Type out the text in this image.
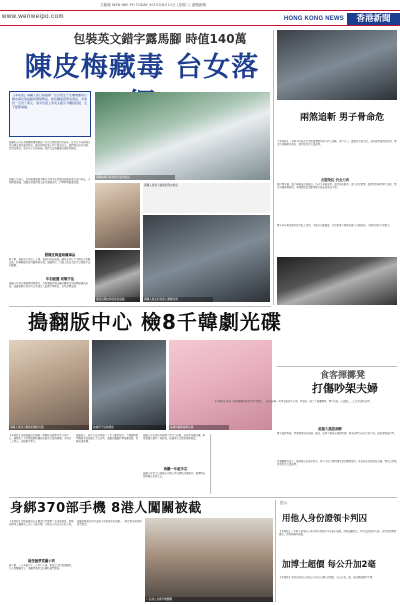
文匯報 WEN WEI PO TODAY 2015年8月11日 (星期二) 港聞新聞
www.wenweipo.com	HONG KONG NEWS	香港新聞
包裝英文錯字露馬腳 時值140萬
陳皮梅藏毒 台女落
【本報訊】海關人員日前截獲一名台灣女子於機場攜帶以陳皮梅包裝盛載的懸疑物品，經化驗後發現為毒品，市值約一百四十萬元。案中包裝上的英文錯字令關員起疑，女子隨即被捕。
海關檢獲以陳皮梅包裝的毒品
海關於前日在香港國際機場截查一名由台灣抵港的女旅客，在其行李內發現多盒以陳皮梅包裝的物品，關員發現包裝上印有錯誤英文，遂將物品送往化驗，證實為毒品。該名女子已被拘捕，案件交由海關毒品調查科跟進。
海關人員表示，近年販毒集團不斷以不同手法將毒品偽裝成食品或日用品，企圖矇混過關。海關會加強情報交流及風險評估，打擊跨境販毒活動。
假陳皮梅盒暗藏毒品
據了解，被捕女子年約三十歲，來港目的為旅遊。關員在其行李中搜出多盒陳皮梅，經檢驗後證實內藏懷疑冰毒。海關指出，包裝上的英文錯字是識破手法的關鍵。
年初破獲 同類手法
海關今年初亦曾破獲同類案件，當時毒販將毒品藏於糖果盒內經機場運送來港。海關提醒市民切勿受利誘替人攜帶不明物品，以免誤墮法網。
毒品以陳皮梅包裝盒盛載	海關人員在記者會上講解案情
海關人員展示檢獲的陳皮梅盒
兩煞追斬 男子骨命危
【本報訊】一名男子昨晚在屯門街頭遭兩名男子持刀追斬，身中多刀，頭部及手部受傷，送院搶救後情況危殆。警方正追緝兩名兇徒，案件列作傷人案處理。
衣服染紅 仍全力奔
據目擊者稱，事主被斬後衣服染紅，仍全力奔跑求救，最終倒在路旁。途人見狀報警，救護員到場將事主送院。警方封鎖現場搜證，並翻看附近閉路電視片段追查兇徒下落。
警方初步相信事件涉及私人恩怨，正循多方面調查。消息指事主與兇徒曾有金錢糾紛，不排除因此引發衝突。
搗翻版中心 檢8千韓劇光碟
海關人員展示搗破的翻版光碟	被捕男子協助調查	檢獲的翻版韓劇光碟
【本報訊】香港海關近日搗破一個翻版光碟製作及分銷中心，檢獲約八千張懷疑翻版韓劇光碟及多部刻錄機，市值約二十萬元，拘捕兩名男子。
海關表示，該中心位於葵涌一工業大廈單位內，主要翻印熱門韓劇並透過網上平台出售。海關會繼續打擊侵權活動，保障知識產權。
海關人員在單位內檢獲大量空白光碟、封套及刻錄設備，相信集團已運作一段時間。被捕兩人已獲准保釋候查。
海關一年破多宗
海關今年至今已偵破多宗網上售賣翻版光碟案件，檢獲物品總值數以百萬元計。
食客揮擲凳
打傷吵架夫婦
【本報訊】旺角一間茶餐廳昨晨發生打鬥事件，一對夫婦與一名男食客發生口角，男食客一怒之下揮擲膠凳，擊中夫婦二人頭部，二人受傷送院治理。
被捕大漢認酒醉
警方接報到場，將涉案男食客拘捕。據悉，該男子事發前曾經飲酒，與夫婦因爭座位引起爭執，最終演變成打鬥。
茶餐廳職員表示，事發時店內食客眾多，男子突然大聲叫嚷並拿起膠凳揮打，其他食客見狀紛紛走避。警方已將案件列作傷人案處理。
身綁370部手機 8港人闖關被截
【本報訊】深圳海關日前在羅湖口岸截獲八名香港居民，發現他們身上纏綁共三百七十部手機，企圖以人肉方式走私入境。
疑受僱帶貨圖小利
據了解，八人年齡介乎二十至六十歲，相信受走私集團僱用，每人報酬數百元。海關將案件交由緝私部門跟進。
海關提醒旅客切勿貪圖小利參與走私活動，一經定罪可被判罰款及監禁。
八名港人身綁手機闖關
提示
用他人身份證領卡判囚
【本報訊】一名男子冒用他人身份證申請信用卡並進行簽賬，涉款逾數萬元，昨於法院被判入獄。裁判官指案情嚴重，須判阻嚇性刑罰。
加博士超價 每公升加2毫
【本報訊】本港多間油公司宣布今日起上調汽油價格，每公升加二毫，柴油價格維持不變。
